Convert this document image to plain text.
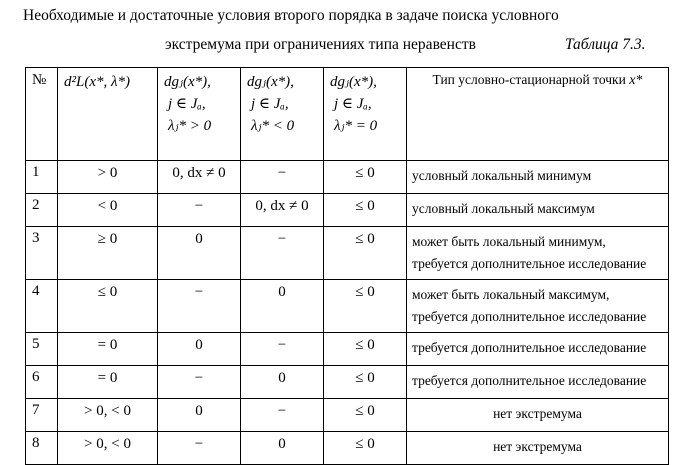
Необходимые и достаточные условия второго порядка в задаче поиска условного
экстремума при ограничениях типа неравенств	Таблица 7.3.
№	d²L(x*, λ*)	dgⱼ(x*),
j ∈ Jₐ,
λⱼ* > 0	dgⱼ(x*),
j ∈ Jₐ,
λⱼ* < 0	dgⱼ(x*),
j ∈ Jₐ,
λⱼ* = 0	Тип условно-стационарной точки x*
1	> 0	0, dx ≠ 0	−	≤ 0	условный локальный минимум

2	< 0	−	0, dx ≠ 0	≤ 0	условный локальный максимум

3	≥ 0	0	−	≤ 0	может быть локальный минимум,
требуется дополнительное исследование

4	≤ 0	−	0	≤ 0	может быть локальный максимум,
требуется дополнительное исследование

5	= 0	0	−	≤ 0	требуется дополнительное исследование

6	= 0	−	0	≤ 0	требуется дополнительное исследование

7	> 0, < 0	0	−	≤ 0	нет экстремума

8	> 0, < 0	−	0	≤ 0	нет экстремума
